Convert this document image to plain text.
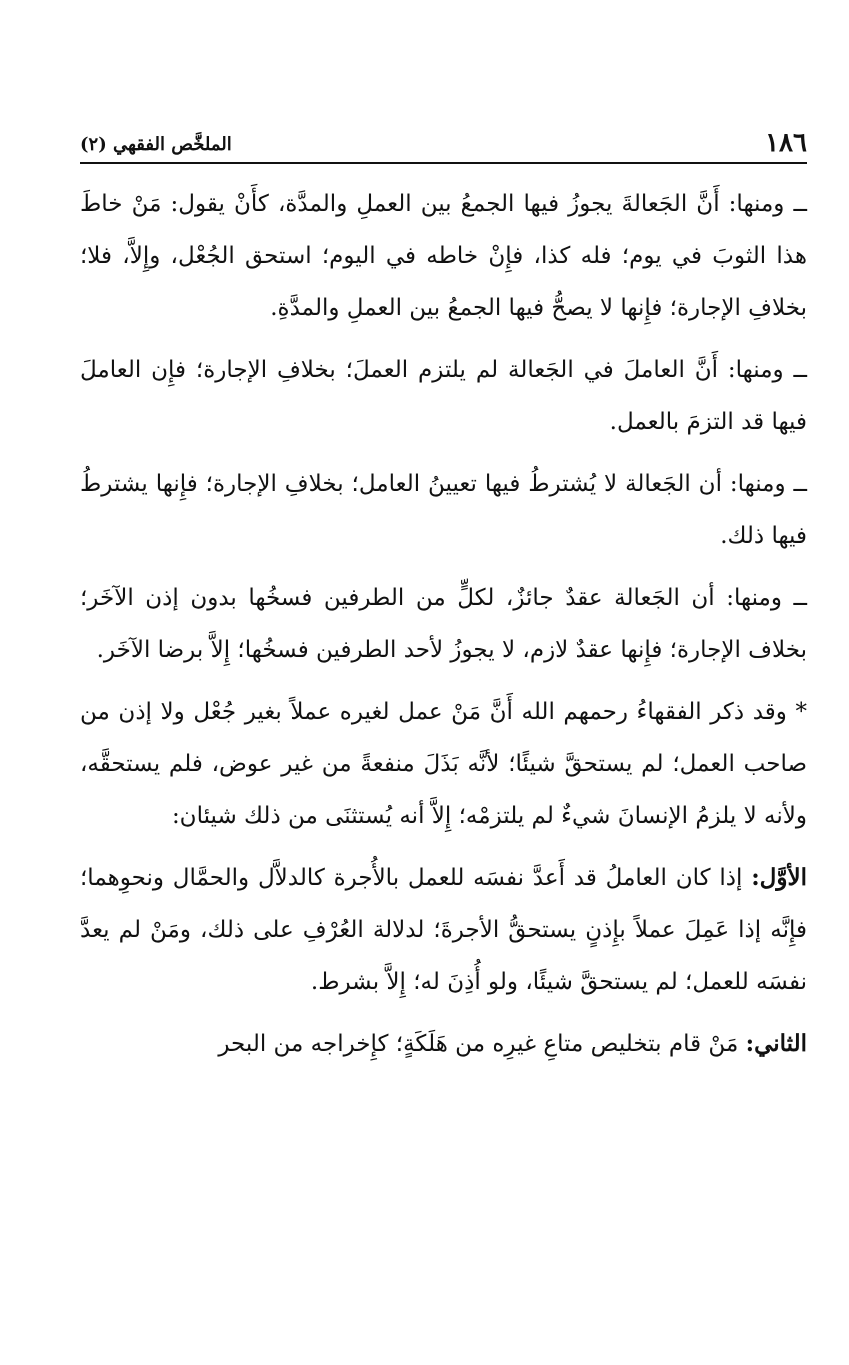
١٨٦
الملخَّص الفقهي (٢)

ــ ومنها: أَنَّ الجَعالةَ يجوزُ فيها الجمعُ بين العملِ والمدَّة، كأَنْ يقول: مَنْ خاطَ هذا الثوبَ في يوم؛ فله كذا، فإِنْ خاطه في اليوم؛ استحق الجُعْل، وإِلاَّ، فلا؛ بخلافِ الإجارة؛ فإِنها لا يصحُّ فيها الجمعُ بين العملِ والمدَّةِ.

ــ ومنها: أَنَّ العاملَ في الجَعالة لم يلتزم العملَ؛ بخلافِ الإجارة؛ فإِن العاملَ فيها قد التزمَ بالعمل.

ــ ومنها: أن الجَعالة لا يُشترطُ فيها تعيينُ العامل؛ بخلافِ الإجارة؛ فإِنها يشترطُ فيها ذلك.

ــ ومنها: أن الجَعالة عقدٌ جائزٌ، لكلٍّ من الطرفين فسخُها بدون إذن الآخَر؛ بخلاف الإجارة؛ فإِنها عقدٌ لازم، لا يجوزُ لأحد الطرفين فسخُها؛ إِلاَّ برضا الآخَر.

* وقد ذكر الفقهاءُ رحمهم الله أَنَّ مَنْ عمل لغيره عملاً بغير جُعْل ولا إذن من صاحب العمل؛ لم يستحقَّ شيئًا؛ لأنَّه بَذَلَ منفعةً من غير عوض، فلم يستحقَّه، ولأنه لا يلزمُ الإنسانَ شيءٌ لم يلتزمْه؛ إِلاَّ أنه يُستثنَى من ذلك شيئان:

الأوَّل: إذا كان العاملُ قد أَعدَّ نفسَه للعمل بالأُجرة كالدلاَّل والحمَّال ونحوِهما؛ فإِنَّه إذا عَمِلَ عملاً بإِذنٍ يستحقُّ الأجرةَ؛ لدلالة العُرْفِ على ذلك، ومَنْ لم يعدَّ نفسَه للعمل؛ لم يستحقَّ شيئًا، ولو أُذِنَ له؛ إِلاَّ بشرط.

الثاني: مَنْ قام بتخليص متاعِ غيرِه من هَلَكَةٍ؛ كإِخراجه من البحر
